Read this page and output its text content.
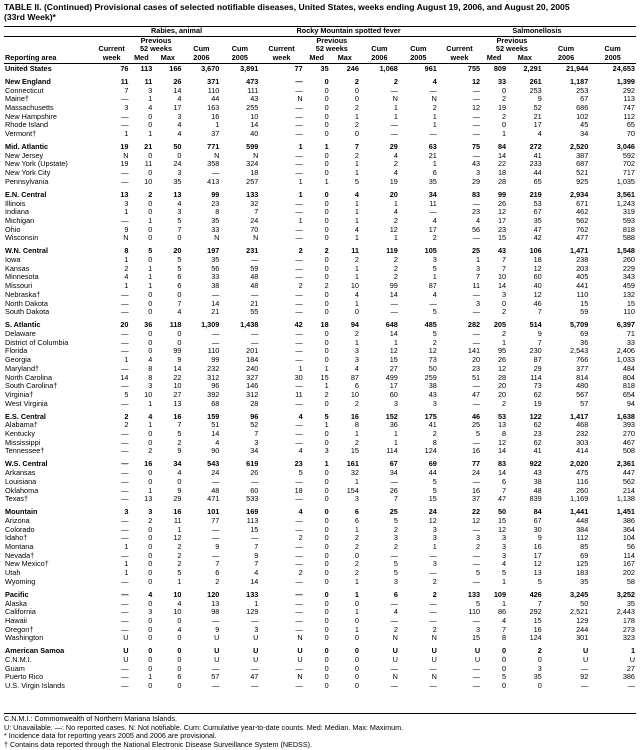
TABLE II. (Continued) Provisional cases of selected notifiable diseases, United States, weeks ending August 19, 2006, and August 20, 2005
(33rd Week)*
	Rabies, animal					Rocky Mountain spotted fever					Salmonellosis				
		Previous					Previous					Previous			
	Current	52 weeks		Cum	Cum	Current	52 weeks		Cum	Cum	Current	52 weeks		Cum	Cum
Reporting area	week	Med	Max	2006	2005	week	Med	Max	2006	2005	week	Med	Max	2006	2005
United States	76	113	166	3,670	3,891	77	35	246	1,068	961	755	809	2,291	21,944	24,653
New England	11	11	26	371	473	—	0	2	2	4	12	33	261	1,187	1,399
Connecticut	7	3	14	110	111	—	0	0	—	—	—	0	253	253	292
Maine†	—	1	4	44	43	N	0	0	N	N	—	2	9	67	113
Massachusetts	3	4	17	163	255	—	0	2	1	2	12	19	52	686	747
New Hampshire	—	0	3	16	10	—	0	1	1	1	—	2	21	102	112
Rhode Island	—	0	4	1	14	—	0	2	—	1	—	0	17	45	65
Vermont†	1	1	4	37	40	—	0	0	—	—	—	1	4	34	70
Mid. Atlantic	19	21	50	771	599	1	1	7	29	63	75	84	272	2,520	3,046
New Jersey	N	0	0	N	N	—	0	2	4	21	—	14	41	387	592
New York (Upstate)	19	11	24	358	324	—	0	1	2	1	43	22	233	687	702
New York City	—	0	3	—	18	—	0	1	4	6	3	18	44	521	717
Pennsylvania	—	10	35	413	257	1	1	5	19	35	29	28	65	925	1,035
E.N. Central	13	2	13	99	133	1	0	4	20	34	83	99	219	2,934	3,561
Illinois	3	0	4	23	32	—	0	1	1	11	—	26	53	671	1,243
Indiana	1	0	3	8	7	—	0	1	4	—	23	12	67	462	319
Michigan	—	1	5	35	24	1	0	1	2	4	4	17	35	562	593
Ohio	9	0	7	33	70	—	0	4	12	17	56	23	47	762	818
Wisconsin	N	0	0	N	N	—	0	1	1	2	—	15	42	477	588
W.N. Central	8	5	20	197	231	2	2	11	119	105	25	43	106	1,471	1,548
Iowa	1	0	5	35	—	—	0	2	2	3	1	7	18	238	260
Kansas	2	1	5	56	59	—	0	1	2	5	3	7	12	203	229
Minnesota	4	1	6	33	48	—	0	1	2	1	7	10	60	405	343
Missouri	1	1	6	38	48	2	2	10	99	87	11	14	40	441	459
Nebraska†	—	0	0	—	—	—	0	4	14	4	—	3	12	110	132
North Dakota	—	0	7	14	21	—	0	1	—	—	3	0	46	15	15
South Dakota	—	0	4	21	55	—	0	0	—	5	—	2	7	59	110
S. Atlantic	20	36	118	1,309	1,438	42	18	94	648	485	282	205	514	5,709	6,397
Delaware	—	0	0	—	—	—	0	2	14	5	—	2	9	69	71
District of Columbia	—	0	0	—	—	—	0	1	1	2	—	1	7	36	33
Florida	—	0	99	110	201	—	0	3	12	12	141	95	230	2,543	2,406
Georgia	1	4	9	99	184	—	0	3	15	73	20	26	87	766	1,033
Maryland†	—	8	14	232	240	1	1	4	27	50	23	12	29	377	484
North Carolina	14	8	22	312	327	30	15	87	499	259	51	28	114	814	804
South Carolina†	—	3	10	96	146	—	1	6	17	38	—	20	73	480	818
Virginia†	5	10	27	392	312	11	2	10	60	43	47	20	62	567	654
West Virginia	—	1	13	68	28	—	0	2	3	3	—	2	19	57	94
E.S. Central	2	4	16	159	96	4	5	16	152	175	46	53	122	1,417	1,638
Alabama†	2	1	7	51	52	—	1	8	36	41	25	13	62	468	393
Kentucky	—	0	5	14	7	—	0	1	1	2	5	8	23	232	270
Mississippi	—	0	2	4	3	—	0	2	1	8	—	12	62	303	467
Tennessee†	—	2	9	90	34	4	3	15	114	124	16	14	41	414	508
W.S. Central	—	16	34	543	619	23	1	161	67	69	77	83	922	2,020	2,361
Arkansas	—	0	4	24	26	5	0	32	34	44	24	14	43	475	447
Louisiana	—	0	0	—	—	—	0	1	—	5	—	6	38	116	562
Oklahoma	—	1	9	48	60	18	0	154	26	5	16	7	48	260	214
Texas†	—	13	29	471	533	—	0	3	7	15	37	47	839	1,169	1,138
Mountain	3	3	16	101	169	4	0	6	25	24	22	50	84	1,441	1,451
Arizona	—	2	11	77	113	—	0	6	5	12	12	15	67	448	386
Colorado	—	0	1	—	15	—	0	1	2	3	—	12	30	384	364
Idaho†	—	0	12	—	—	2	0	2	3	3	3	3	9	112	104
Montana	1	0	2	9	7	—	0	2	2	1	2	3	16	85	56
Nevada†	—	0	2	—	9	—	0	0	—	—	—	3	17	69	114
New Mexico†	1	0	2	7	7	—	0	2	5	3	—	4	12	125	167
Utah	1	0	5	6	4	2	0	2	5	—	5	5	13	183	202
Wyoming	—	0	1	2	14	—	0	1	3	2	—	1	5	35	58
Pacific	—	4	10	120	133	—	0	1	6	2	133	109	426	3,245	3,252
Alaska	—	0	4	13	1	—	0	0	—	—	5	1	7	50	35
California	—	3	10	98	129	—	0	1	4	—	110	86	292	2,521	2,443
Hawaii	—	0	0	—	—	—	0	0	—	—	—	4	15	129	178
Oregon†	—	0	4	9	3	—	0	1	2	2	3	7	16	244	273
Washington	U	0	0	U	U	N	0	0	N	N	15	8	124	301	323
American Samoa	U	0	0	U	U	U	0	0	U	U	U	0	2	U	1
C.N.M.I.	U	0	0	U	U	U	0	0	U	U	U	0	0	U	U
Guam	—	0	0	—	—	—	0	0	—	—	—	0	3	—	27
Puerto Rico	—	1	6	57	47	N	0	0	N	N	—	5	35	92	386
U.S. Virgin Islands	—	0	0	—	—	—	0	0	—	—	—	0	0	—	—
C.N.M.I.: Commonwealth of Northern Mariana Islands.
U: Unavailable. —: No reported cases. N: Not notifiable. Cum: Cumulative year-to-date counts. Med: Median. Max: Maximum.
* Incidence data for reporting years 2005 and 2006 are provisional.
† Contains data reported through the National Electronic Disease Surveillance System (NEDSS).
